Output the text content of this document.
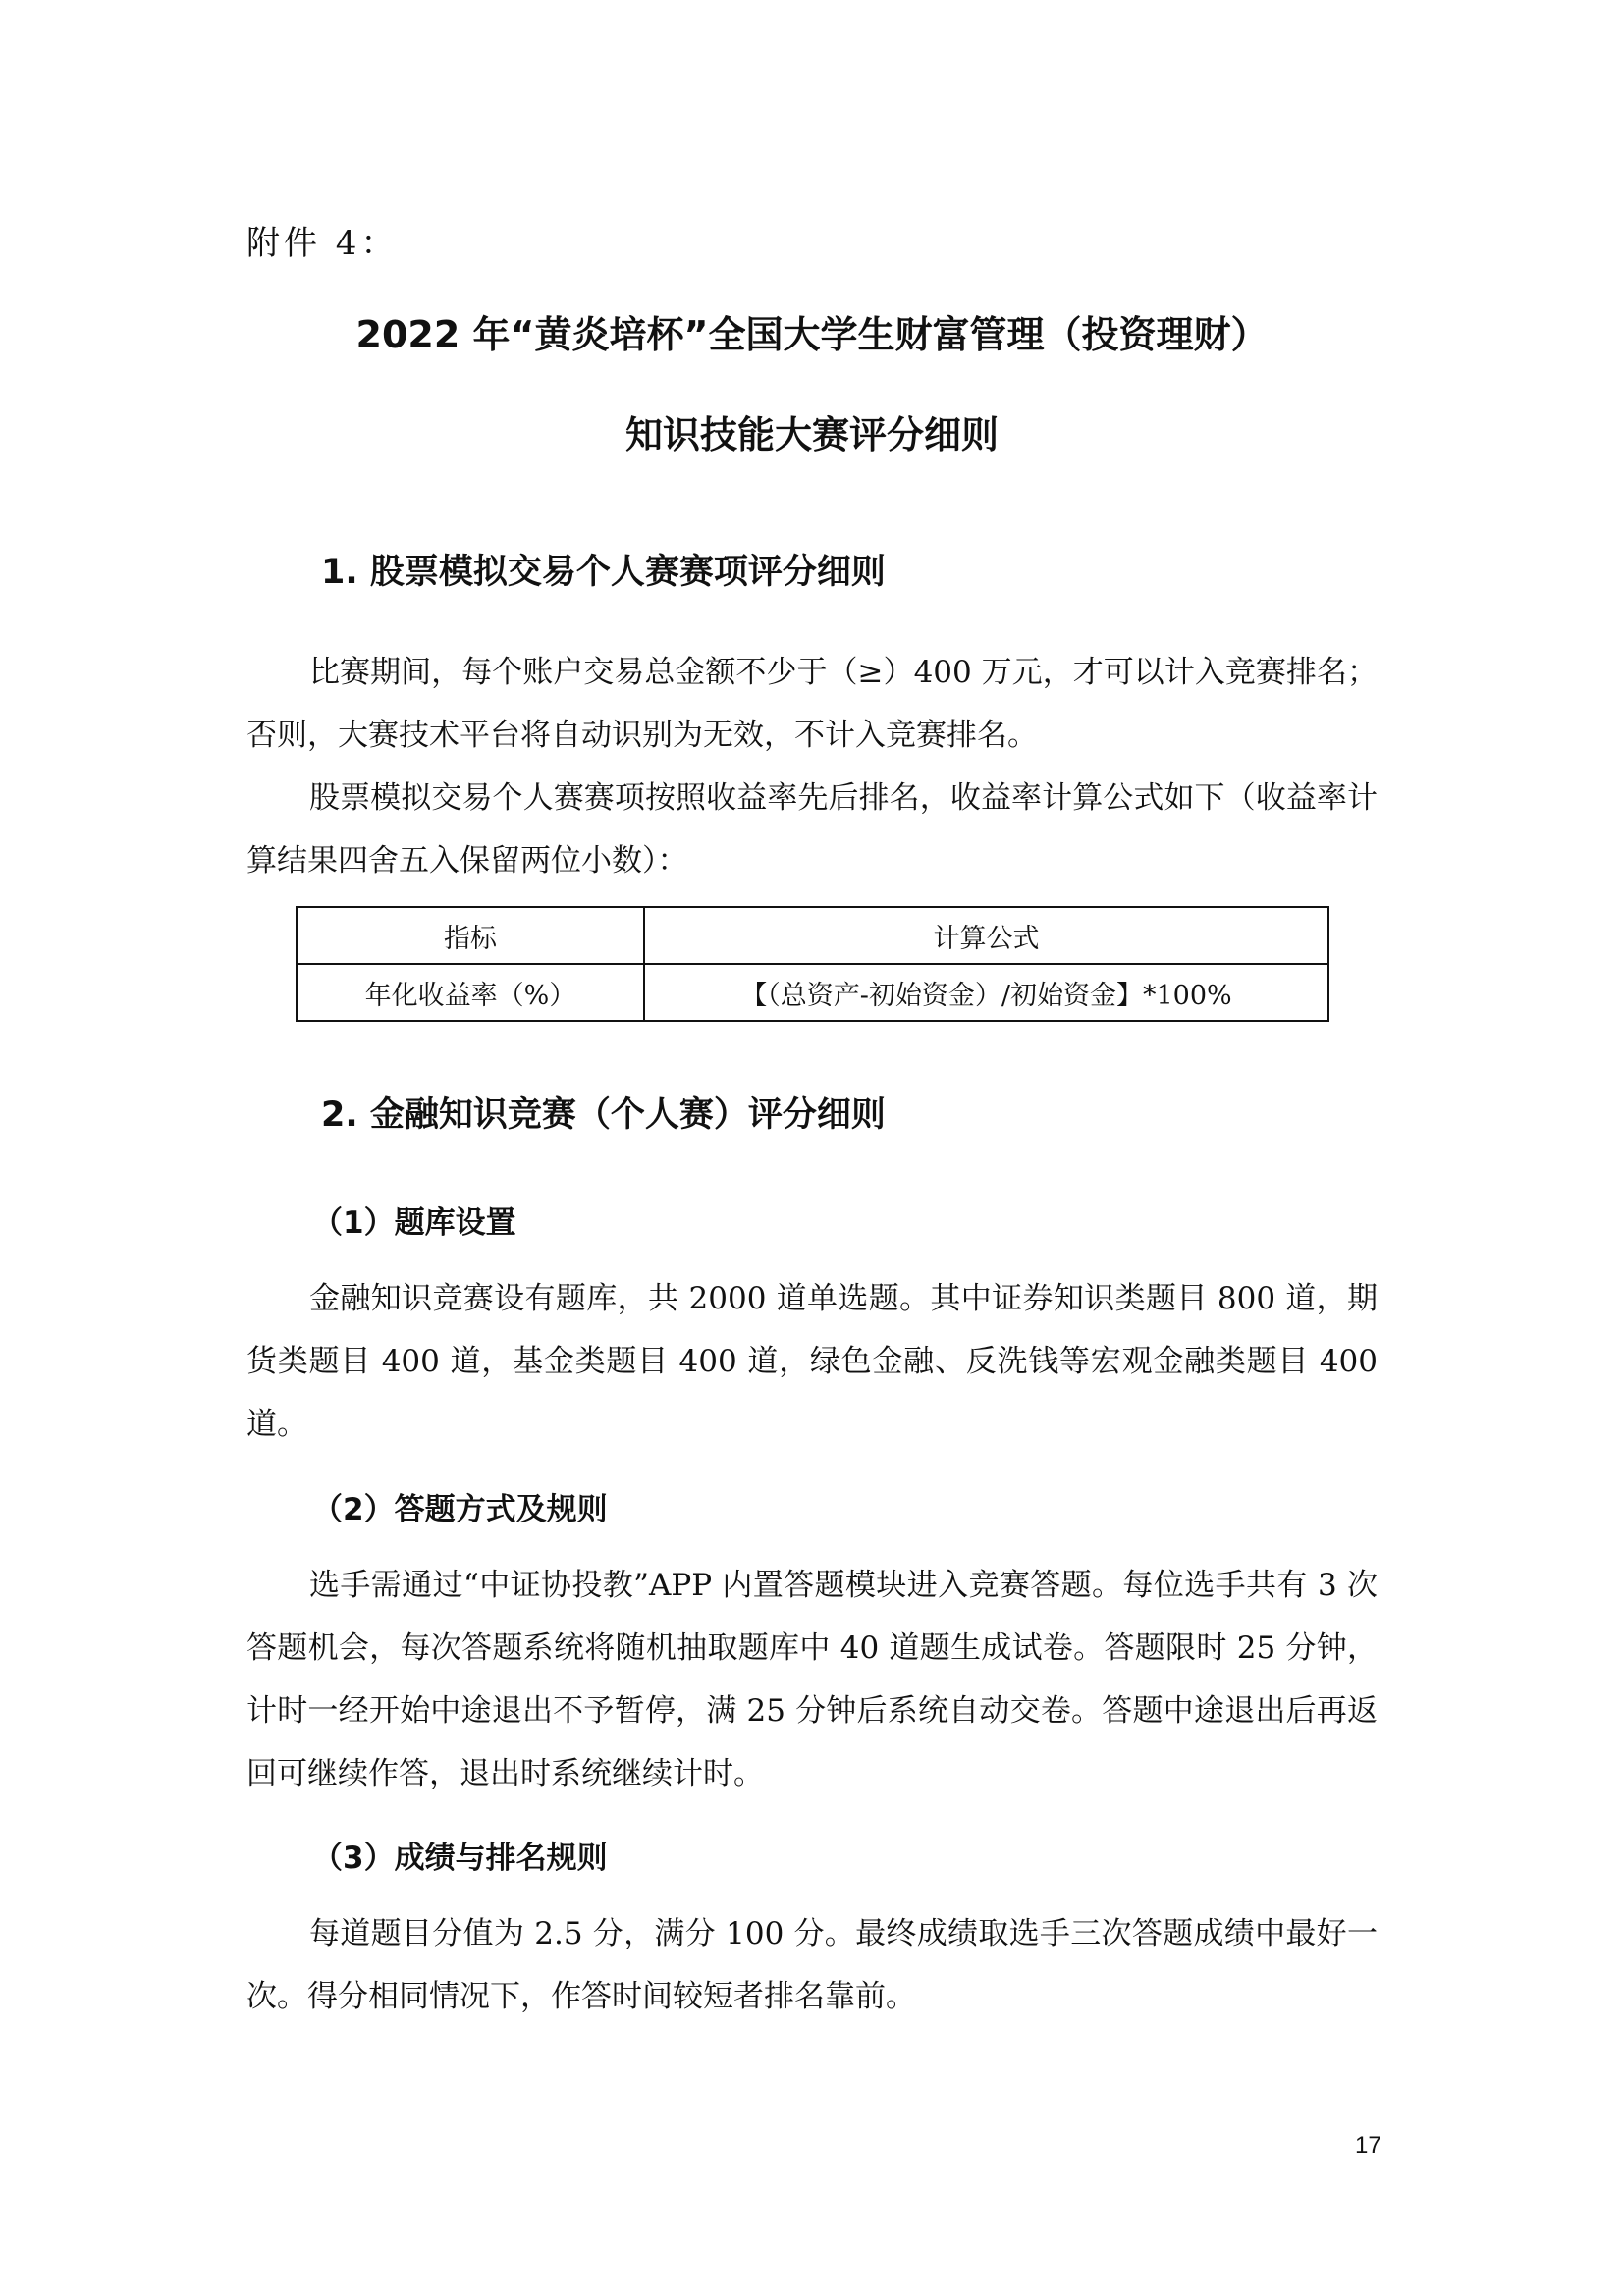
附件 4：
2022 年“黄炎培杯”全国大学生财富管理（投资理财）
知识技能大赛评分细则
1. 股票模拟交易个人赛赛项评分细则
比赛期间，每个账户交易总金额不少于（≥）400 万元，才可以计入竞赛排名；否则，大赛技术平台将自动识别为无效，不计入竞赛排名。
股票模拟交易个人赛赛项按照收益率先后排名，收益率计算公式如下（收益率计算结果四舍五入保留两位小数）：
指标	计算公式
年化收益率（%）	【（总资产-初始资金）/初始资金】*100%
2. 金融知识竞赛（个人赛）评分细则
（1）题库设置
金融知识竞赛设有题库，共 2000 道单选题。其中证券知识类题目 800 道，期货类题目 400 道，基金类题目 400 道，绿色金融、反洗钱等宏观金融类题目 400 道。
（2）答题方式及规则
选手需通过“中证协投教”APP 内置答题模块进入竞赛答题。每位选手共有 3 次答题机会，每次答题系统将随机抽取题库中 40 道题生成试卷。答题限时 25 分钟，计时一经开始中途退出不予暂停，满 25 分钟后系统自动交卷。答题中途退出后再返回可继续作答，退出时系统继续计时。
（3）成绩与排名规则
每道题目分值为 2.5 分，满分 100 分。最终成绩取选手三次答题成绩中最好一次。得分相同情况下，作答时间较短者排名靠前。
17
